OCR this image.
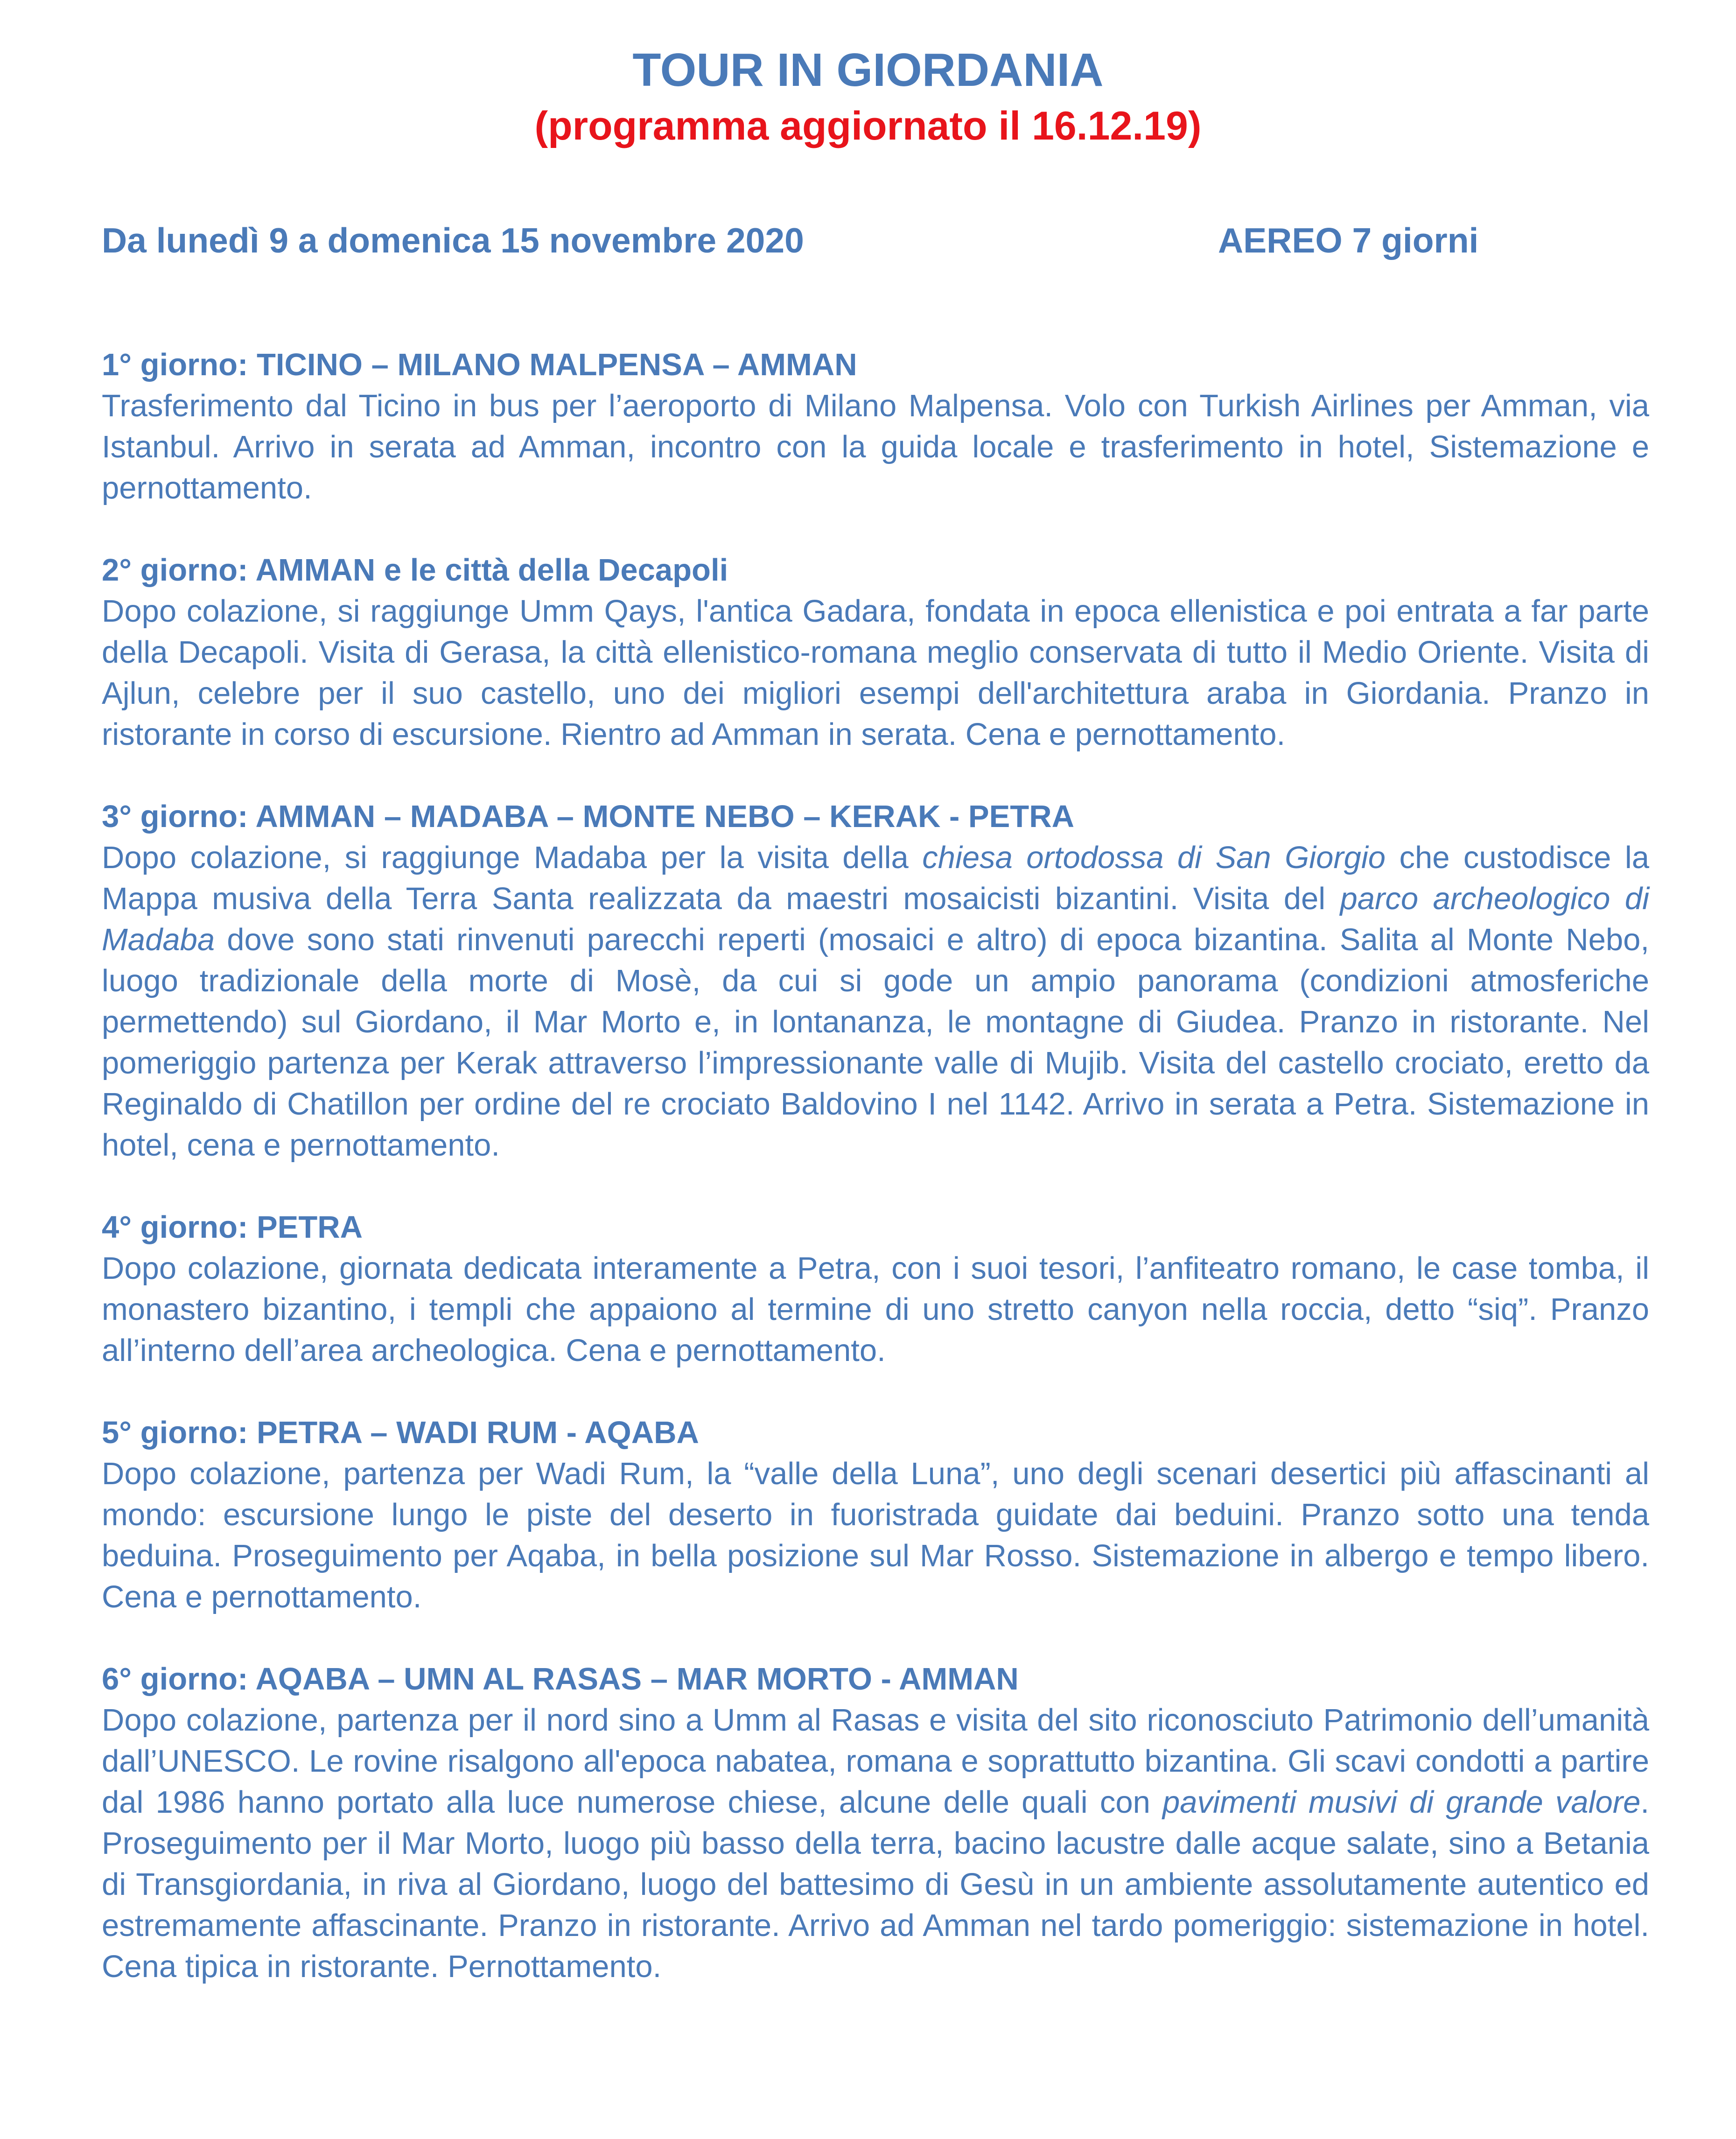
TOUR IN GIORDANIA
(programma aggiornato il 16.12.19)
Da lunedì 9 a domenica 15 novembre 2020	AEREO 7 giorni
1° giorno: TICINO – MILANO MALPENSA – AMMAN

Trasferimento dal Ticino in bus per l’aeroporto di Milano Malpensa. Volo con Turkish Airlines per Amman, via Istanbul. Arrivo in serata ad Amman, incontro con la guida locale e trasferimento in hotel, Sistemazione e pernottamento.

2° giorno: AMMAN e le città della Decapoli

Dopo colazione, si raggiunge Umm Qays, l'antica Gadara, fondata in epoca ellenistica e poi entrata a far parte della Decapoli. Visita di Gerasa, la città ellenistico-romana meglio conservata di tutto il Medio Oriente. Visita di Ajlun, celebre per il suo castello, uno dei migliori esempi dell'architettura araba in Giordania. Pranzo in ristorante in corso di escursione. Rientro ad Amman in serata. Cena e pernottamento.

3° giorno: AMMAN – MADABA – MONTE NEBO – KERAK - PETRA

Dopo colazione, si raggiunge Madaba per la visita della chiesa ortodossa di San Giorgio che custodisce la Mappa musiva della Terra Santa realizzata da maestri mosaicisti bizantini. Visita del parco archeologico di Madaba dove sono stati rinvenuti parecchi reperti (mosaici e altro) di epoca bizantina. Salita al Monte Nebo, luogo tradizionale della morte di Mosè, da cui si gode un ampio panorama (condizioni atmosferiche permettendo) sul Giordano, il Mar Morto e, in lontananza, le montagne di Giudea. Pranzo in ristorante. Nel pomeriggio partenza per Kerak attraverso l’impressionante valle di Mujib. Visita del castello crociato, eretto da Reginaldo di Chatillon per ordine del re crociato Baldovino I nel 1142. Arrivo in serata a Petra. Sistemazione in hotel, cena e pernottamento.

4° giorno: PETRA

Dopo colazione, giornata dedicata interamente a Petra, con i suoi tesori, l’anfiteatro romano, le case tomba, il monastero bizantino, i templi che appaiono al termine di uno stretto canyon nella roccia, detto “siq”. Pranzo all’interno dell’area archeologica. Cena e pernottamento.

5° giorno: PETRA – WADI RUM - AQABA

Dopo colazione, partenza per Wadi Rum, la “valle della Luna”, uno degli scenari desertici più affascinanti al mondo: escursione lungo le piste del deserto in fuoristrada guidate dai beduini. Pranzo sotto una tenda beduina. Proseguimento per Aqaba, in bella posizione sul Mar Rosso. Sistemazione in albergo e tempo libero. Cena e pernottamento.

6° giorno: AQABA – UMN AL RASAS – MAR MORTO - AMMAN

Dopo colazione, partenza per il nord sino a Umm al Rasas e visita del sito riconosciuto Patrimonio dell’umanità dall’UNESCO. Le rovine risalgono all'epoca nabatea, romana e soprattutto bizantina. Gli scavi condotti a partire dal 1986 hanno portato alla luce numerose chiese, alcune delle quali con pavimenti musivi di grande valore. Proseguimento per il Mar Morto, luogo più basso della terra, bacino lacustre dalle acque salate, sino a Betania di Transgiordania, in riva al Giordano, luogo del battesimo di Gesù in un ambiente assolutamente autentico ed estremamente affascinante. Pranzo in ristorante. Arrivo ad Amman nel tardo pomeriggio: sistemazione in hotel. Cena tipica in ristorante. Pernottamento.
